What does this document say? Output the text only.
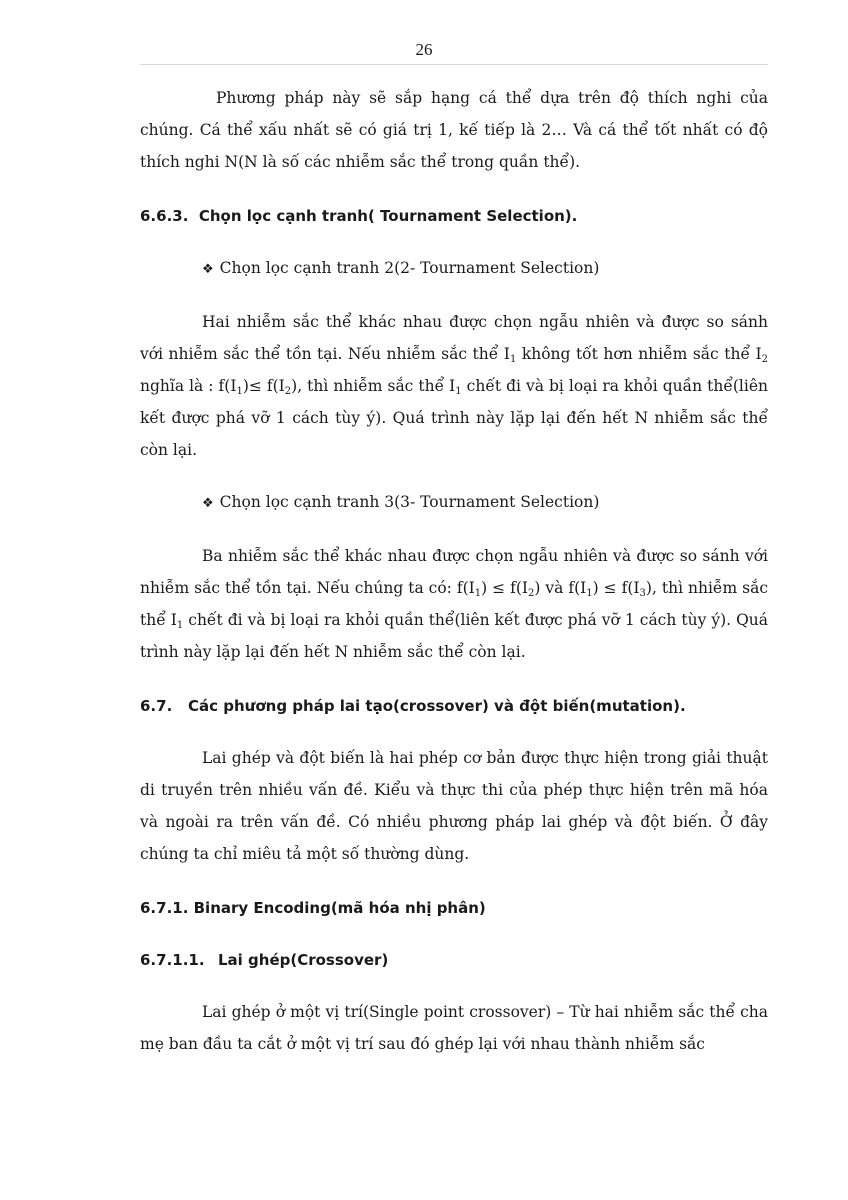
26

Phương pháp này sẽ sắp hạng cá thể dựa trên độ thích nghi của chúng. Cá thể xấu nhất sẽ có giá trị 1, kế tiếp là 2… Và cá thể tốt nhất có độ thích nghi N(N là số các nhiễm sắc thể trong quần thể).

6.6.3. Chọn lọc cạnh tranh( Tournament Selection).

❖ Chọn lọc cạnh tranh 2(2- Tournament Selection)

Hai nhiễm sắc thể khác nhau được chọn ngẫu nhiên và được so sánh với nhiễm sắc thể tồn tại. Nếu nhiễm sắc thể $I_1$ không tốt hơn nhiễm sắc thể $I_2$ nghĩa là : $f(I_1)\le f(I_2)$, thì nhiễm sắc thể $I_1$ chết đi và bị loại ra khỏi quần thể(liên kết được phá vỡ 1 cách tùy ý). Quá trình này lặp lại đến hết N nhiễm sắc thể còn lại.

❖ Chọn lọc cạnh tranh 3(3- Tournament Selection)

Ba nhiễm sắc thể khác nhau được chọn ngẫu nhiên và được so sánh với nhiễm sắc thể tồn tại. Nếu chúng ta có: $f(I_1) \le f(I_2)$ và $f(I_1) \le f(I_3)$, thì nhiễm sắc thể $I_1$ chết đi và bị loại ra khỏi quần thể(liên kết được phá vỡ 1 cách tùy ý). Quá trình này lặp lại đến hết N nhiễm sắc thể còn lại.

6.7. Các phương pháp lai tạo(crossover) và đột biến(mutation).

Lai ghép và đột biến là hai phép cơ bản được thực hiện trong giải thuật di truyền trên nhiều vấn đề. Kiểu và thực thi của phép thực hiện trên mã hóa và ngoài ra trên vấn đề. Có nhiều phương pháp lai ghép và đột biến. Ở đây chúng ta chỉ miêu tả một số thường dùng.

6.7.1. Binary Encoding(mã hóa nhị phân)

6.7.1.1. Lai ghép(Crossover)

Lai ghép ở một vị trí(Single point crossover) – Từ hai nhiễm sắc thể cha mẹ ban đầu ta cắt ở một vị trí sau đó ghép lại với nhau thành nhiễm sắc
